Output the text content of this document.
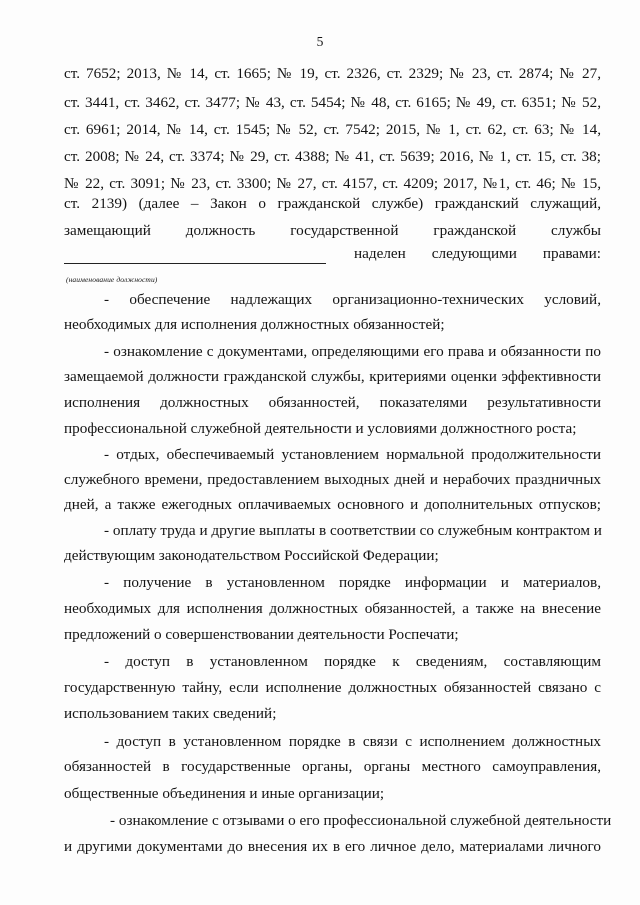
5
ст. 7652; 2013, № 14, ст. 1665; № 19, ст. 2326, ст. 2329; № 23, ст. 2874; № 27,
ст. 3441, ст. 3462, ст. 3477; № 43, ст. 5454; № 48, ст. 6165; № 49, ст. 6351; № 52,
ст. 6961; 2014, № 14, ст. 1545; № 52, ст. 7542; 2015, № 1, ст. 62, ст. 63; № 14,
ст. 2008; № 24, ст. 3374; № 29, ст. 4388; № 41, ст. 5639; 2016, № 1, ст. 15, ст. 38;
№ 22, ст. 3091; № 23, ст. 3300; № 27, ст. 4157, ст. 4209; 2017, №1, ст. 46; № 15,
ст. 2139) (далее – Закон о гражданской службе) гражданский служащий,
замещающий должность государственной гражданской службы
наделен следующими правами:
(наименование должности)
- обеспечение надлежащих организационно-технических условий,
необходимых для исполнения должностных обязанностей;
- ознакомление с документами, определяющими его права и обязанности по
замещаемой должности гражданской службы, критериями оценки эффективности
исполнения должностных обязанностей, показателями результативности
профессиональной служебной деятельности и условиями должностного роста;
- отдых, обеспечиваемый установлением нормальной продолжительности
служебного времени, предоставлением выходных дней и нерабочих праздничных
дней, а также ежегодных оплачиваемых основного и дополнительных отпусков;
- оплату труда и другие выплаты в соответствии со служебным контрактом и
действующим законодательством Российской Федерации;
- получение в установленном порядке информации и материалов,
необходимых для исполнения должностных обязанностей, а также на внесение
предложений о совершенствовании деятельности Роспечати;
- доступ в установленном порядке к сведениям, составляющим
государственную тайну, если исполнение должностных обязанностей связано с
использованием таких сведений;
- доступ в установленном порядке в связи с исполнением должностных
обязанностей в государственные органы, органы местного самоуправления,
общественные объединения и иные организации;
- ознакомление с отзывами о его профессиональной служебной деятельности
и другими документами до внесения их в его личное дело, материалами личного
